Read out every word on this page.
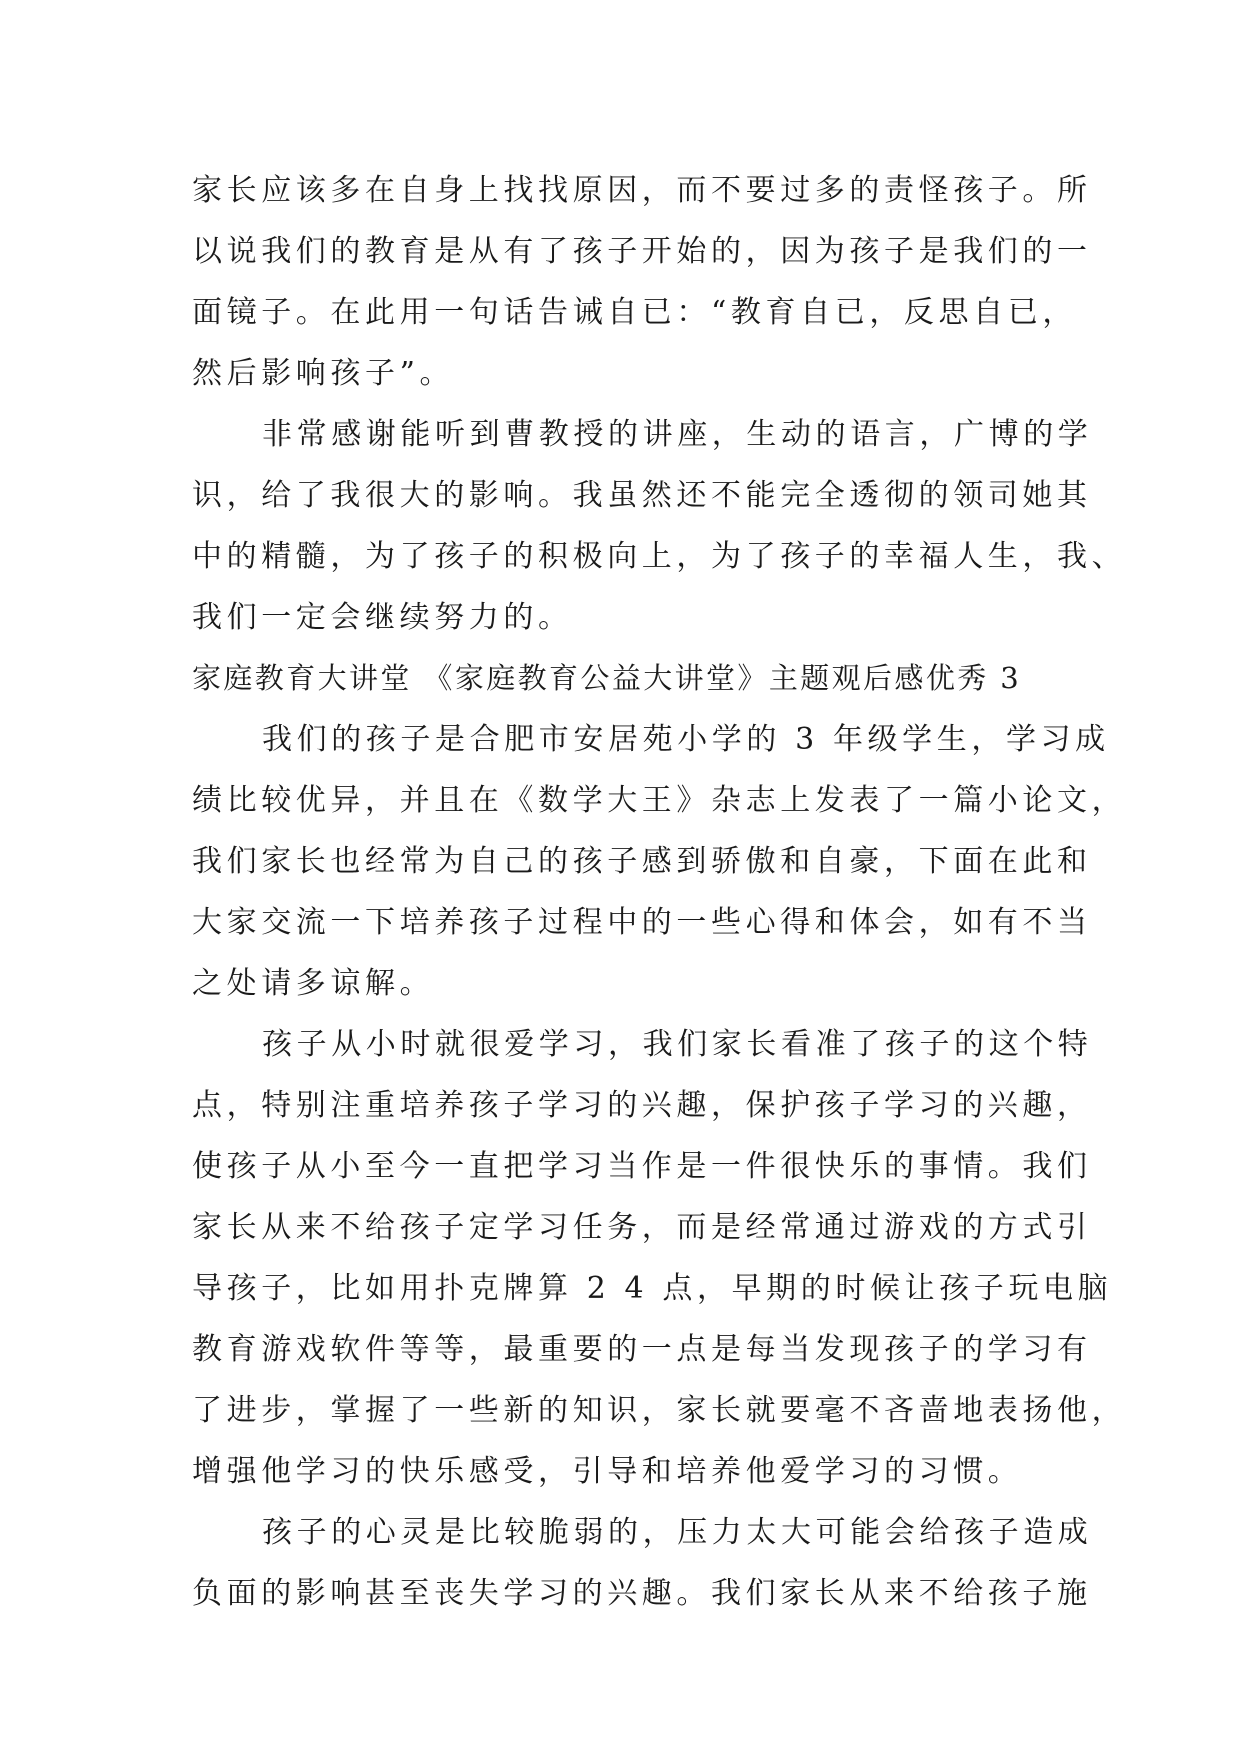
家长应该多在自身上找找原因，而不要过多的责怪孩子。所
以说我们的教育是从有了孩子开始的，因为孩子是我们的一
面镜子。在此用一句话告诫自已：“教育自已，反思自已，
然后影响孩子”。
非常感谢能听到曹教授的讲座，生动的语言，广博的学
识，给了我很大的影响。我虽然还不能完全透彻的领司她其
中的精髓，为了孩子的积极向上，为了孩子的幸福人生，我、
我们一定会继续努力的。
家庭教育大讲堂 《家庭教育公益大讲堂》主题观后感优秀 3
我们的孩子是合肥市安居苑小学的 3 年级学生，学习成
绩比较优异，并且在《数学大王》杂志上发表了一篇小论文，
我们家长也经常为自己的孩子感到骄傲和自豪，下面在此和
大家交流一下培养孩子过程中的一些心得和体会，如有不当
之处请多谅解。
孩子从小时就很爱学习，我们家长看准了孩子的这个特
点，特别注重培养孩子学习的兴趣，保护孩子学习的兴趣，
使孩子从小至今一直把学习当作是一件很快乐的事情。我们
家长从来不给孩子定学习任务，而是经常通过游戏的方式引
导孩子，比如用扑克牌算 2 4 点，早期的时候让孩子玩电脑
教育游戏软件等等，最重要的一点是每当发现孩子的学习有
了进步，掌握了一些新的知识，家长就要毫不吝啬地表扬他，
增强他学习的快乐感受，引导和培养他爱学习的习惯。
孩子的心灵是比较脆弱的，压力太大可能会给孩子造成
负面的影响甚至丧失学习的兴趣。我们家长从来不给孩子施
